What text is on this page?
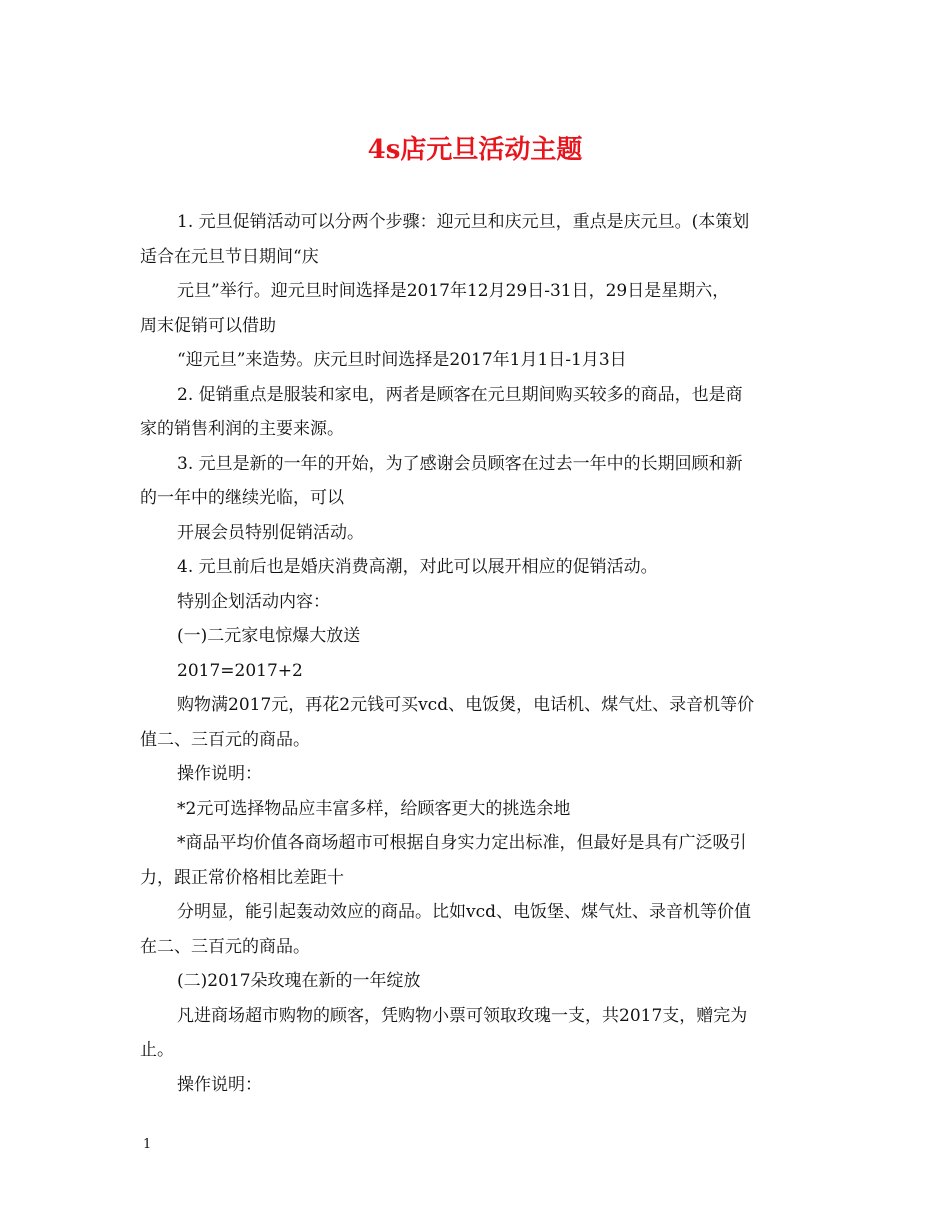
4s店元旦活动主题

1. 元旦促销活动可以分两个步骤：迎元旦和庆元旦，重点是庆元旦。(本策划

适合在元旦节日期间“庆

元旦”举行。迎元旦时间选择是2017年12月29日-31日，29日是星期六，

周末促销可以借助

“迎元旦”来造势。庆元旦时间选择是2017年1月1日-1月3日

2. 促销重点是服装和家电，两者是顾客在元旦期间购买较多的商品，也是商

家的销售利润的主要来源。

3. 元旦是新的一年的开始，为了感谢会员顾客在过去一年中的长期回顾和新

的一年中的继续光临，可以

开展会员特别促销活动。

4. 元旦前后也是婚庆消费高潮，对此可以展开相应的促销活动。

特别企划活动内容：

(一)二元家电惊爆大放送

2017=2017+2

购物满2017元，再花2元钱可买vcd、电饭煲，电话机、煤气灶、录音机等价

值二、三百元的商品。

操作说明：

*2元可选择物品应丰富多样，给顾客更大的挑选余地

*商品平均价值各商场超市可根据自身实力定出标准，但最好是具有广泛吸引

力，跟正常价格相比差距十

分明显，能引起轰动效应的商品。比如vcd、电饭堡、煤气灶、录音机等价值

在二、三百元的商品。

(二)2017朵玫瑰在新的一年绽放

凡进商场超市购物的顾客，凭购物小票可领取玫瑰一支，共2017支，赠完为

止。

操作说明：

1
